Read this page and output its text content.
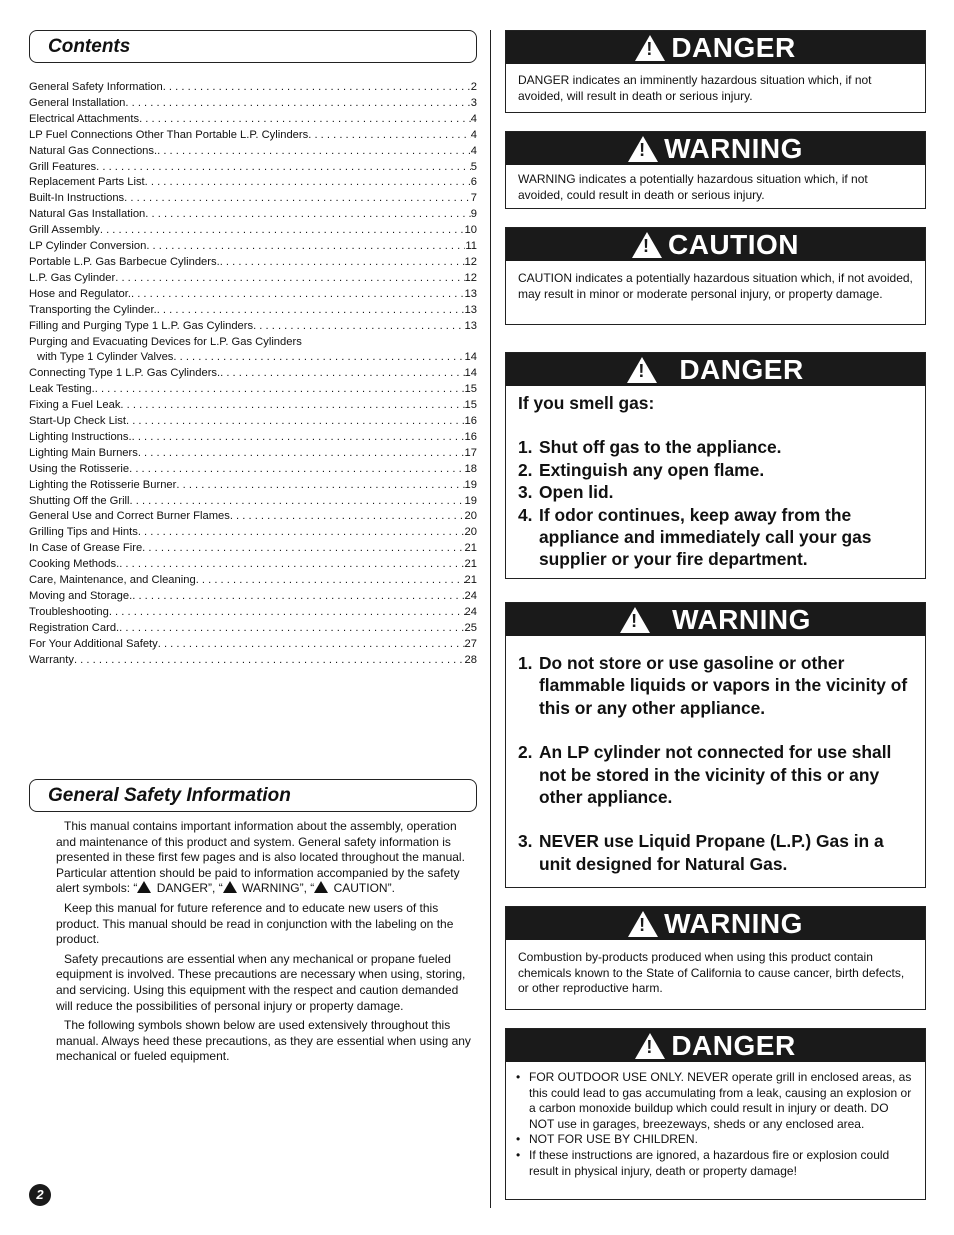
Contents
General Safety Information . . .	2
General Installation . . .	3
Electrical Attachments . . .	4
LP Fuel Connections Other Than Portable L.P. Cylinders . . .	4
Natural Gas Connections. . . .	4
Grill Features . . .	5
Replacement Parts List . . .	6
Built-In Instructions . . .	7
Natural Gas Installation . . .	9
Grill Assembly . . .	10
LP Cylinder Conversion . . .	11
Portable L.P. Gas Barbecue Cylinders. . . .	12
L.P. Gas Cylinder . . .	12
Hose and Regulator. . . .	13
Transporting the Cylinder. . . .	13
Filling and Purging Type 1 L.P. Gas Cylinders . . .	13
Purging and Evacuating Devices for L.P. Gas Cylinders
with Type 1 Cylinder Valves . . .	14
Connecting Type 1 L.P. Gas Cylinders. . . .	14
Leak Testing. . . .	15
Fixing a Fuel Leak . . .	15
Start-Up Check List . . .	16
Lighting Instructions. . . .	16
Lighting Main Burners . . .	17
Using the Rotisserie . . .	18
Lighting the Rotisserie Burner . . .	19
Shutting Off the Grill . . .	19
General Use and Correct Burner Flames . . .	20
Grilling Tips and Hints . . .	20
In Case of Grease Fire . . .	21
Cooking Methods. . . .	21
Care, Maintenance, and Cleaning . . .	21
Moving and Storage. . . .	24
Troubleshooting . . .	24
Registration Card. . . .	25
For Your Additional Safety . . .	27
Warranty . . .	28
General Safety Information

This manual contains important information about the assembly, operation and maintenance of this product and system. General safety information is presented in these first few pages and is also located throughout the manual. Particular attention should be paid to information accompanied by the safety alert symbols: “! DANGER”, “! WARNING”, “! CAUTION”.

Keep this manual for future reference and to educate new users of this product. This manual should be read in conjunction with the labeling on the product.

Safety precautions are essential when any mechanical or propane fueled equipment is involved. These precautions are necessary when using, storing, and servicing. Using this equipment with the respect and caution demanded will reduce the possibilities of personal injury or property damage.

The following symbols shown below are used extensively throughout this manual. Always heed these precautions, as they are essential when using any mechanical or fueled equipment.

!
DANGER
DANGER indicates an imminently hazardous situation which, if not avoided, will result in death or serious injury.
!
WARNING
WARNING indicates a potentially hazardous situation which, if not avoided, could result in death or serious injury.
!
CAUTION
CAUTION indicates a potentially hazardous situation which, if not avoided, may result in minor or moderate personal injury, or property damage.
!
DANGER
If you smell gas:
1. Shut off gas to the appliance.
2. Extinguish any open flame.
3. Open lid.
4. If odor continues, keep away from the appliance and immediately call your gas supplier or your fire department.
!
WARNING
1. Do not store or use gasoline or other flammable liquids or vapors in the vicinity of this or any other appliance.
2. An LP cylinder not connected for use shall not be stored in the vicinity of this or any other appliance.
3. NEVER use Liquid Propane (L.P.) Gas in a unit designed for Natural Gas.
!
WARNING
Combustion by-products produced when using this product contain chemicals known to the State of California to cause cancer, birth defects, or other reproductive harm.
!
DANGER
• FOR OUTDOOR USE ONLY. NEVER operate grill in enclosed areas, as this could lead to gas accumulating from a leak, causing an explosion or a carbon monoxide buildup which could result in injury or death. DO NOT use in garages, breezeways, sheds or any enclosed area.
• NOT FOR USE BY CHILDREN.
• If these instructions are ignored, a hazardous fire or explosion could result in physical injury, death or property damage!
2
